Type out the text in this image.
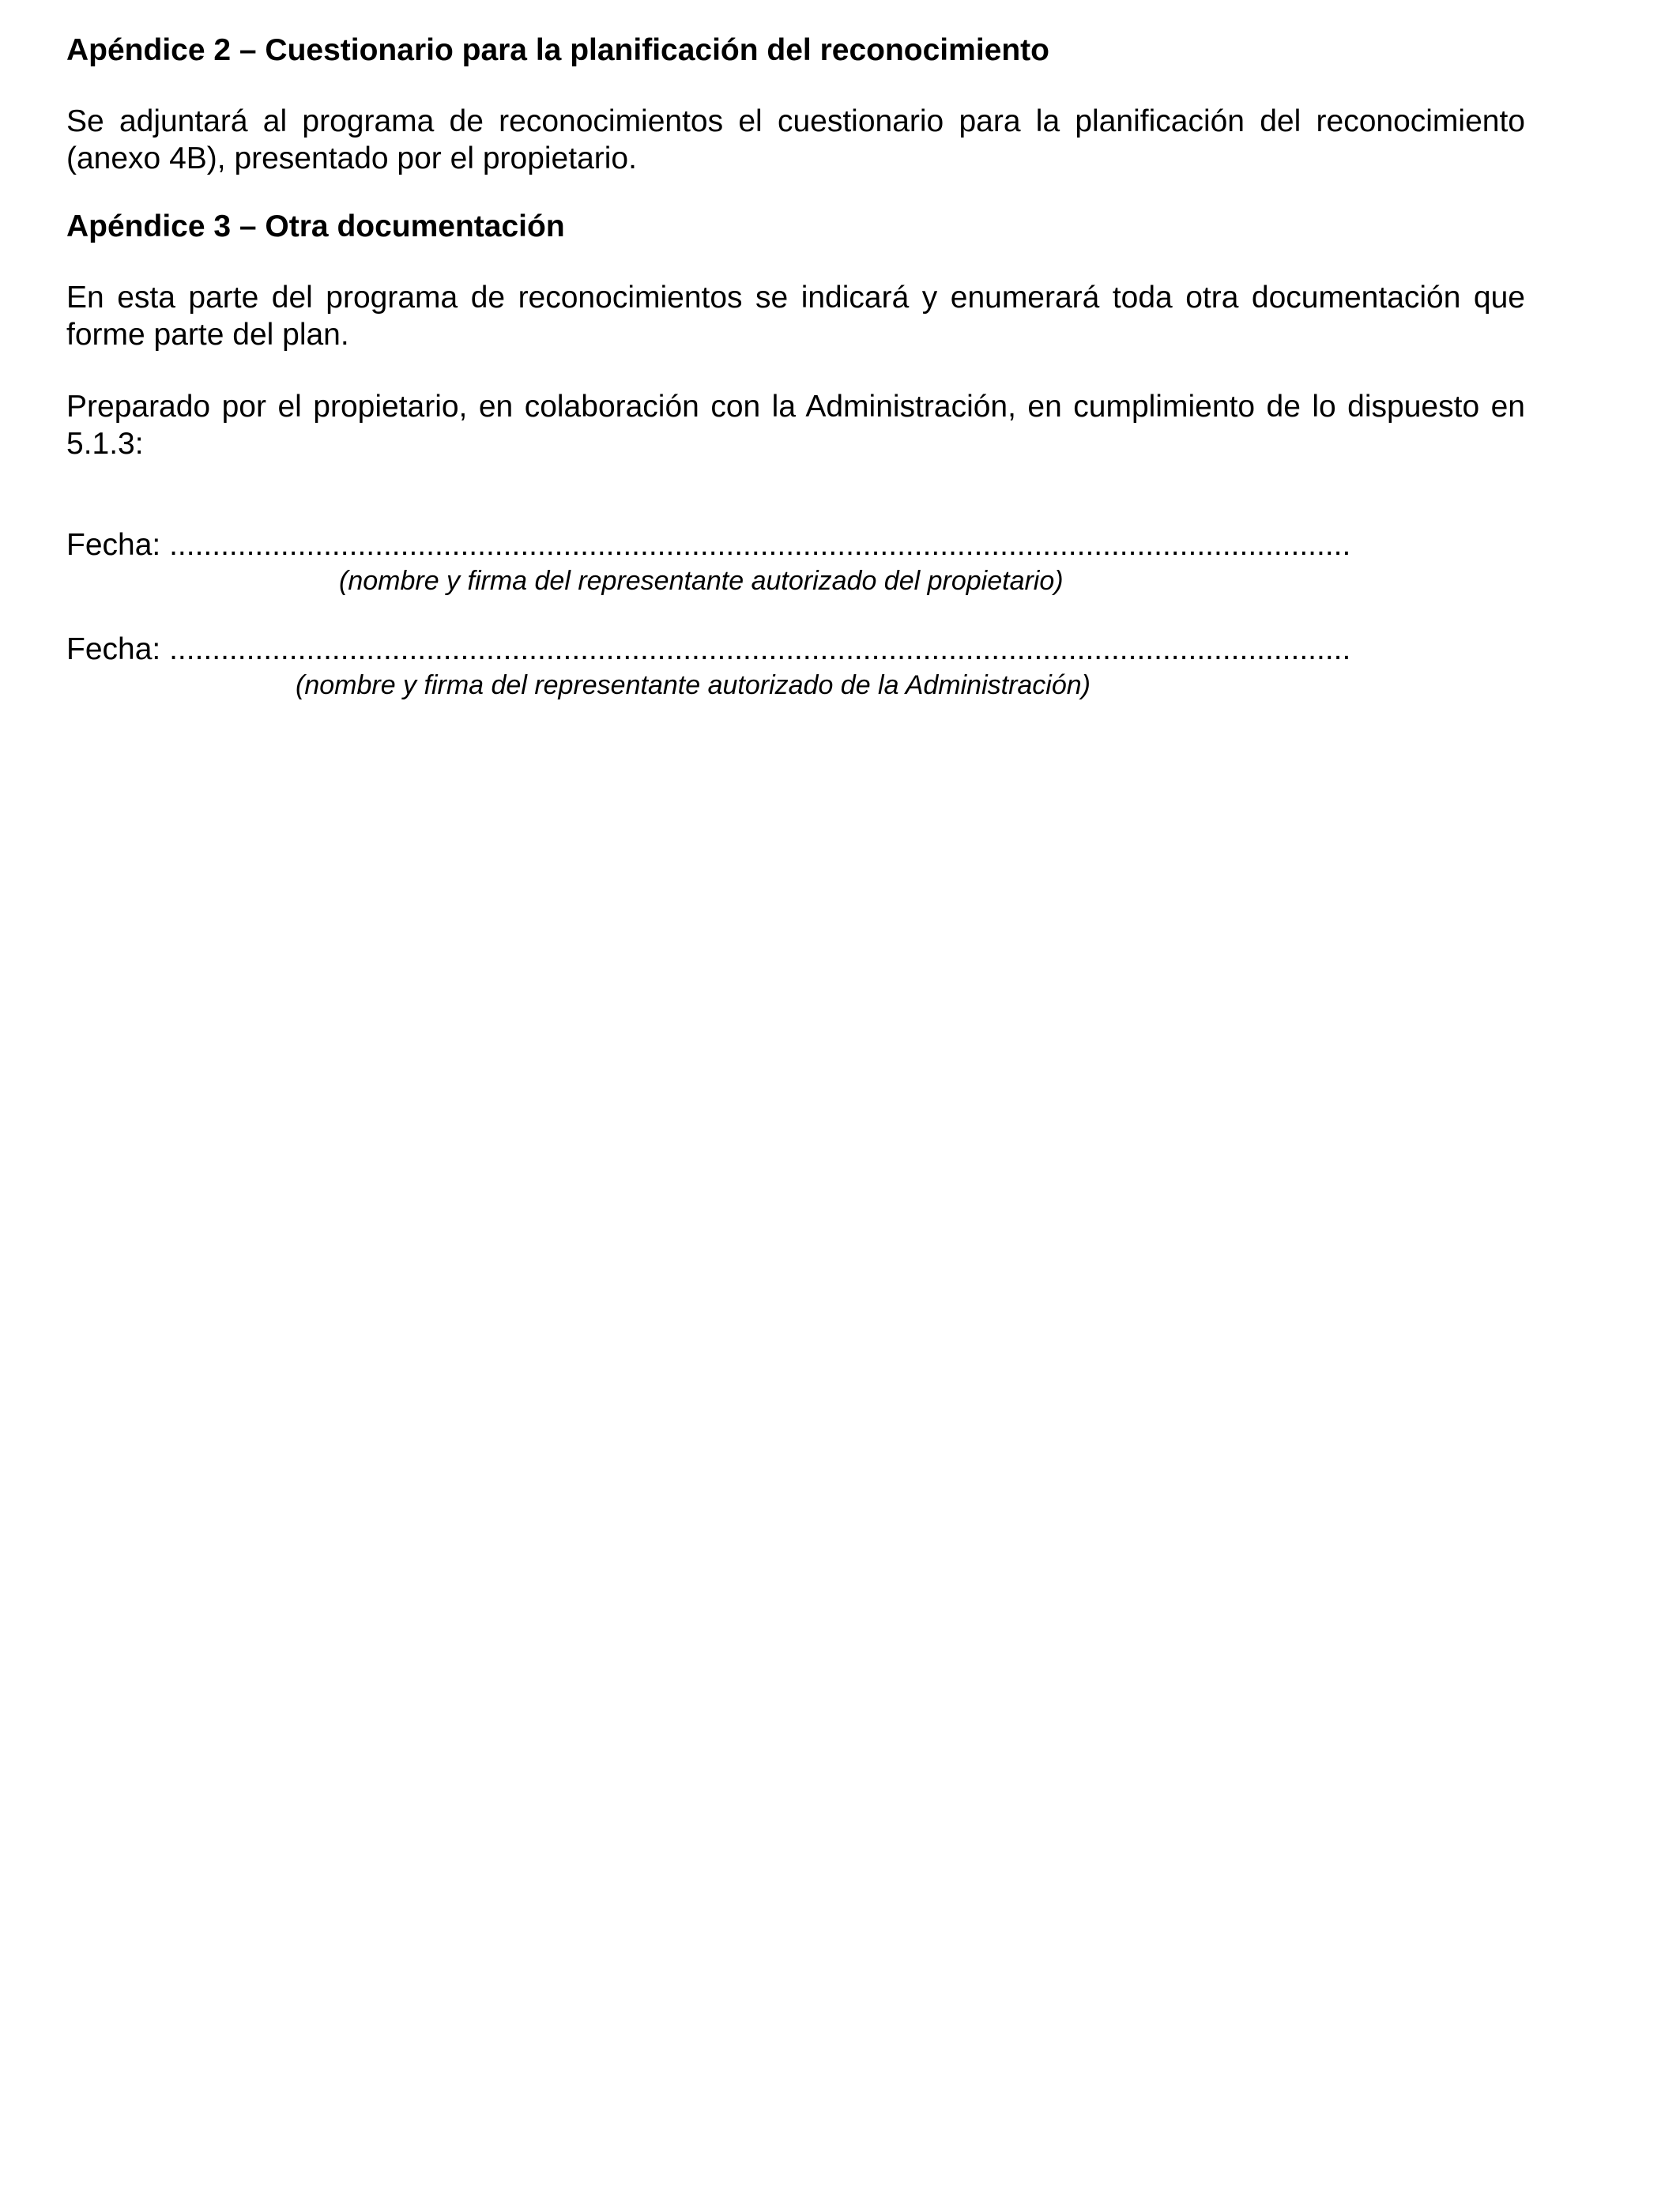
Apéndice 2 – Cuestionario para la planificación del reconocimiento

Se adjuntará al programa de reconocimientos el cuestionario para la planificación del reconocimiento (anexo 4B), presentado por el propietario.

Apéndice 3 – Otra documentación

En esta parte del programa de reconocimientos se indicará y enumerará toda otra documentación que forme parte del plan.

Preparado por el propietario, en colaboración con la Administración, en cumplimiento de lo dispuesto en 5.1.3:

Fecha: ..........................................................................................................................................
(nombre y firma del representante autorizado del propietario)
Fecha: ..........................................................................................................................................
(nombre y firma del representante autorizado de la Administración)
